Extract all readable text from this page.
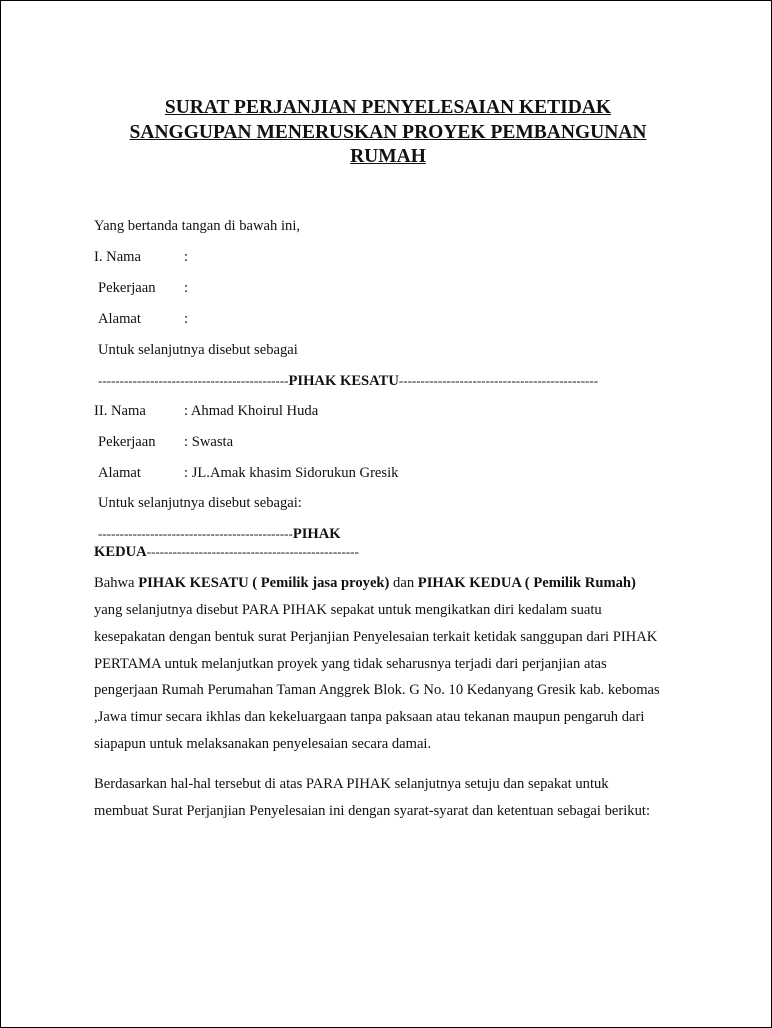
SURAT PERJANJIAN PENYELESAIAN KETIDAK
SANGGUPAN MENERUSKAN PROYEK PEMBANGUNAN
RUMAH
Yang bertanda tangan di bawah ini,
I. Nama	:
Pekerjaan :
Alamat	:
Untuk selanjutnya disebut sebagai
--------------------------------------------PIHAK KESATU----------------------------------------------
II. Nama	: Ahmad Khoirul Huda
Pekerjaan : Swasta
Alamat	: JL.Amak khasim Sidorukun Gresik
Untuk selanjutnya disebut sebagai:
---------------------------------------------PIHAK
KEDUA-------------------------------------------------
Bahwa PIHAK KESATU ( Pemilik jasa proyek) dan PIHAK KEDUA ( Pemilik Rumah)
yang selanjutnya disebut PARA PIHAK sepakat untuk mengikatkan diri kedalam suatu
kesepakatan dengan bentuk surat Perjanjian Penyelesaian terkait ketidak sanggupan dari PIHAK
PERTAMA untuk melanjutkan proyek yang tidak seharusnya terjadi dari perjanjian atas
pengerjaan Rumah Perumahan Taman Anggrek Blok. G No. 10 Kedanyang Gresik kab. kebomas
,Jawa timur secara ikhlas dan kekeluargaan tanpa paksaan atau tekanan maupun pengaruh dari
siapapun untuk melaksanakan penyelesaian secara damai.
Berdasarkan hal-hal tersebut di atas PARA PIHAK selanjutnya setuju dan sepakat untuk
membuat Surat Perjanjian Penyelesaian ini dengan syarat-syarat dan ketentuan sebagai berikut:
